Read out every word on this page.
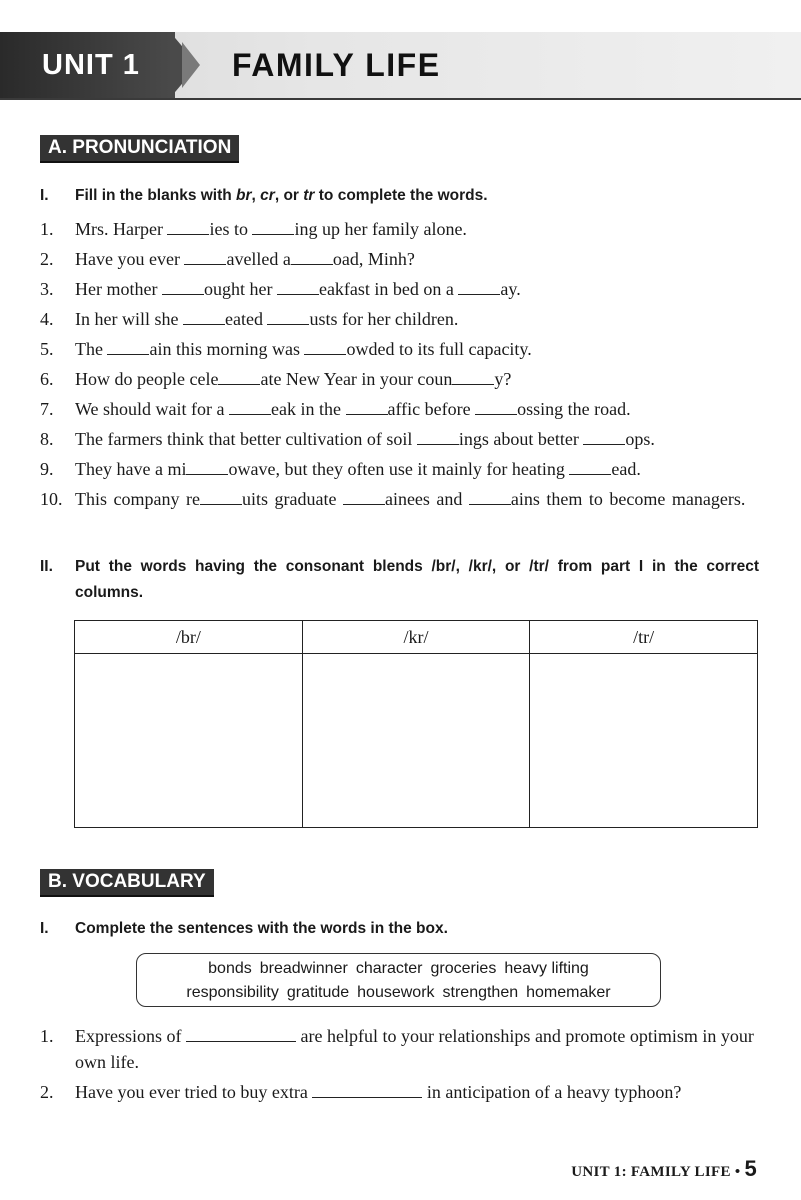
UNIT 1	FAMILY LIFE
A. PRONUNCIATION
I. Fill in the blanks with br, cr, or tr to complete the words.
1. Mrs. Harper ies to ing up her family alone.
2. Have you ever avelled a oad, Minh?
3. Her mother ought her eakfast in bed on a ay.
4. In her will she eated usts for her children.
5. The ain this morning was owded to its full capacity.
6. How do people cele ate New Year in your coun y?
7. We should wait for a eak in the affic before ossing the road.
8. The farmers think that better cultivation of soil ings about better ops.
9. They have a mi owave, but they often use it mainly for heating ead.
10. This company re uits graduate ainees and ains them to become managers.
II. Put the words having the consonant blends /br/, /kr/, or /tr/ from part I in the correct columns.
/br/	/kr/	/tr/

B. VOCABULARY
I. Complete the sentences with the words in the box.
bonds breadwinner character groceries heavy lifting
responsibility gratitude housework strengthen homemaker
1. Expressions of	are helpful to your relationships and promote optimism in your own life.
2. Have you ever tried to buy extra	in anticipation of a heavy typhoon?
UNIT 1: FAMILY LIFE • 5
